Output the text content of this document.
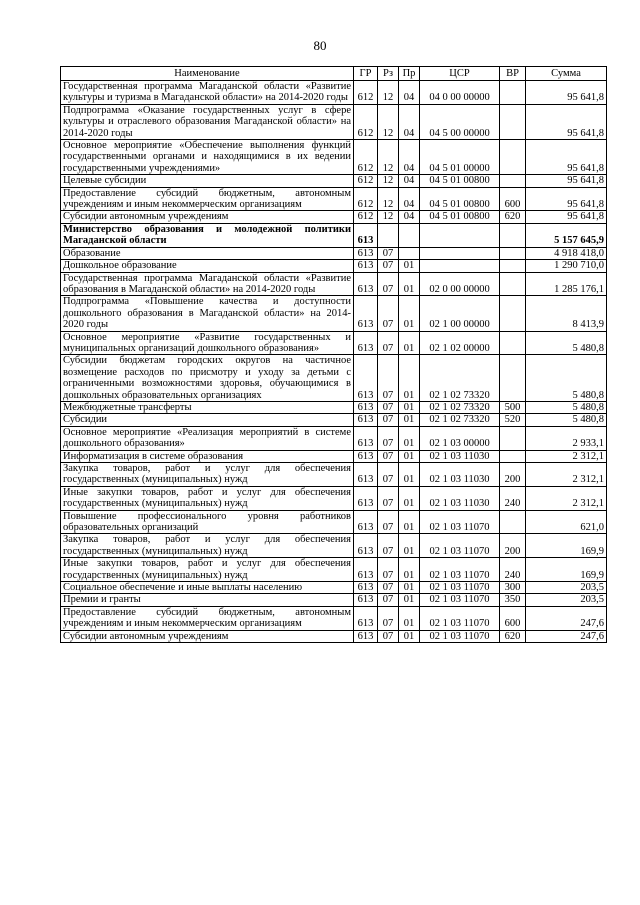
80
Наименование	ГР	Рз	Пр	ЦСР	ВР	Сумма
Государственная программа Магаданской области «Развитие культуры и туризма в Магаданской области» на 2014-2020 годы	612	12	04	04 0 00 00000		95 641,8
Подпрограмма «Оказание государственных услуг в сфере культуры и отраслевого образования Магаданской области» на 2014-2020 годы	612	12	04	04 5 00 00000		95 641,8
Основное мероприятие «Обеспечение выполнения функций государственными органами и находящимися в их ведении государственными учреждениями»	612	12	04	04 5 01 00000		95 641,8
Целевые субсидии	612	12	04	04 5 01 00800		95 641,8
Предоставление субсидий бюджетным, автономным учреждениям и иным некоммерческим организациям	612	12	04	04 5 01 00800	600	95 641,8
Субсидии автономным учреждениям	612	12	04	04 5 01 00800	620	95 641,8
Министерство образования и молодежной политики Магаданской области	613					5 157 645,9
Образование	613	07				4 918 418,0
Дошкольное образование	613	07	01			1 290 710,0
Государственная программа Магаданской области «Развитие образования в Магаданской области» на 2014-2020 годы	613	07	01	02 0 00 00000		1 285 176,1
Подпрограмма «Повышение качества и доступности дошкольного образования в Магаданской области» на 2014-2020 годы	613	07	01	02 1 00 00000		8 413,9
Основное мероприятие «Развитие государственных и муниципальных организаций дошкольного образования»	613	07	01	02 1 02 00000		5 480,8
Субсидии бюджетам городских округов на частичное возмещение расходов по присмотру и уходу за детьми с ограниченными возможностями здоровья, обучающимися в дошкольных образовательных организациях	613	07	01	02 1 02 73320		5 480,8
Межбюджетные трансферты	613	07	01	02 1 02 73320	500	5 480,8
Субсидии	613	07	01	02 1 02 73320	520	5 480,8
Основное мероприятие «Реализация мероприятий в системе дошкольного образования»	613	07	01	02 1 03 00000		2 933,1
Информатизация в системе образования	613	07	01	02 1 03 11030		2 312,1
Закупка товаров, работ и услуг для обеспечения государственных (муниципальных) нужд	613	07	01	02 1 03 11030	200	2 312,1
Иные закупки товаров, работ и услуг для обеспечения государственных (муниципальных) нужд	613	07	01	02 1 03 11030	240	2 312,1
Повышение профессионального уровня работников образовательных организаций	613	07	01	02 1 03 11070		621,0
Закупка товаров, работ и услуг для обеспечения государственных (муниципальных) нужд	613	07	01	02 1 03 11070	200	169,9
Иные закупки товаров, работ и услуг для обеспечения государственных (муниципальных) нужд	613	07	01	02 1 03 11070	240	169,9
Социальное обеспечение и иные выплаты населению	613	07	01	02 1 03 11070	300	203,5
Премии и гранты	613	07	01	02 1 03 11070	350	203,5
Предоставление субсидий бюджетным, автономным учреждениям и иным некоммерческим организациям	613	07	01	02 1 03 11070	600	247,6
Субсидии автономным учреждениям	613	07	01	02 1 03 11070	620	247,6
